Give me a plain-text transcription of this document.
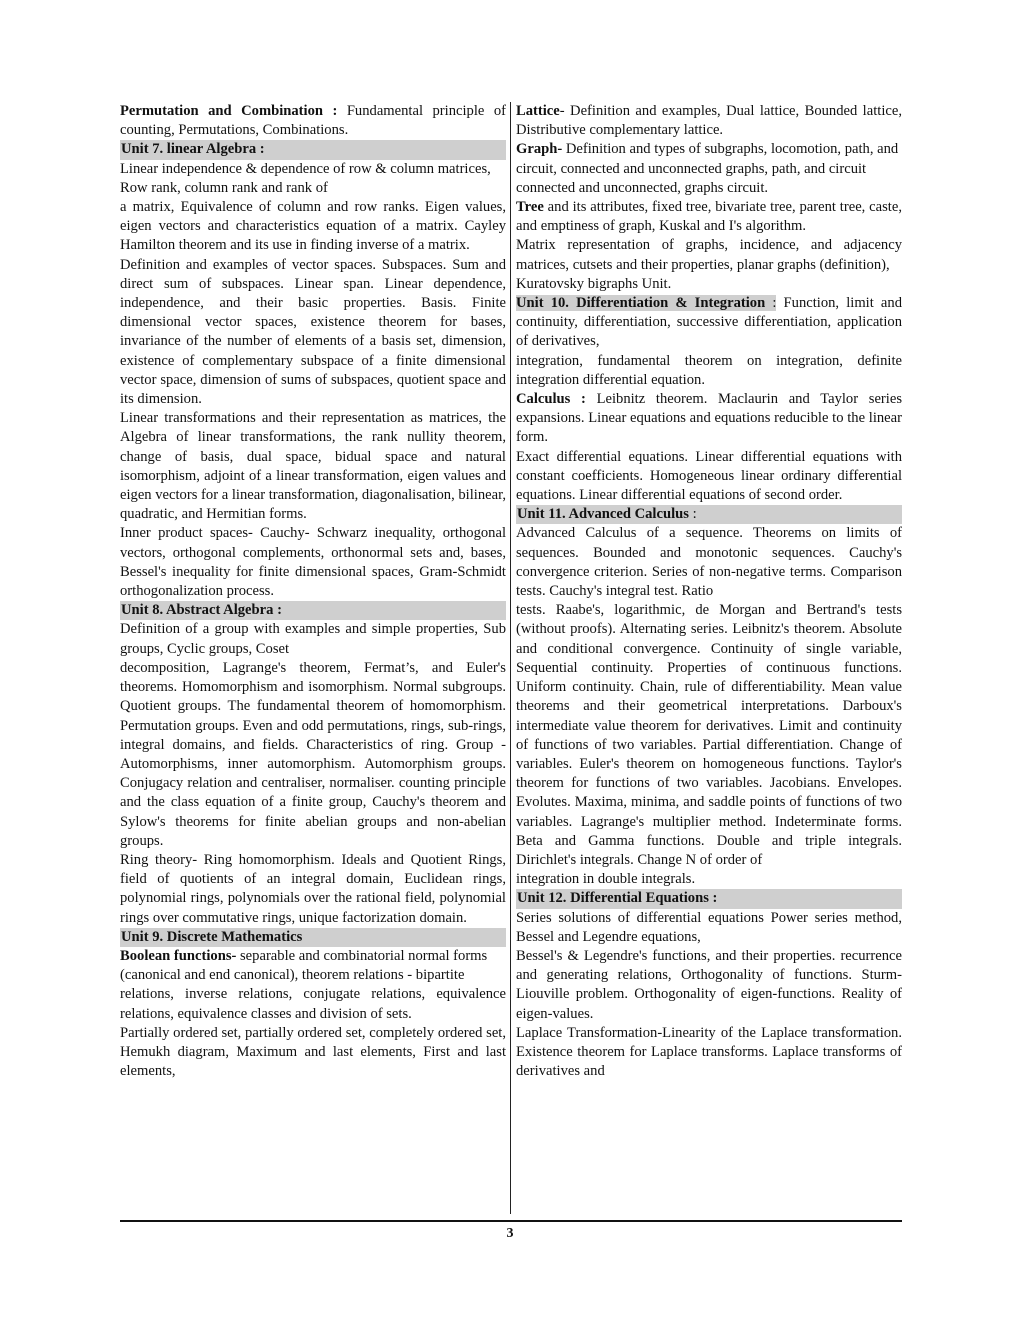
Permutation and Combination : Fundamental principle of counting, Permutations, Combinations.

Unit 7. linear Algebra :

Linear independence & dependence of row & column matrices, Row rank, column rank and rank of

a matrix, Equivalence of column and row ranks. Eigen values, eigen vectors and characteristics equation of a matrix. Cayley Hamilton theorem and its use in finding inverse of a matrix.

Definition and examples of vector spaces. Subspaces. Sum and direct sum of subspaces. Linear span. Linear dependence, independence, and their basic properties. Basis. Finite dimensional vector spaces, existence theorem for bases, invariance of the number of elements of a basis set, dimension, existence of complementary subspace of a finite dimensional vector space, dimension of sums of subspaces, quotient space and its dimension.

Linear transformations and their representation as matrices, the Algebra of linear transformations, the rank nullity theorem, change of basis, dual space, bidual space and natural isomorphism, adjoint of a linear transformation, eigen values and eigen vectors for a linear transformation, diagonalisation, bilinear, quadratic, and Hermitian forms.

Inner product spaces- Cauchy- Schwarz inequality, orthogonal vectors, orthogonal complements, orthonormal sets and, bases, Bessel's inequality for finite dimensional spaces, Gram-Schmidt orthogonalization process.

Unit 8. Abstract Algebra :

Definition of a group with examples and simple properties, Sub groups, Cyclic groups, Coset

decomposition, Lagrange's theorem, Fermat’s, and Euler's theorems. Homomorphism and isomorphism. Normal subgroups. Quotient groups. The fundamental theorem of homomorphism. Permutation groups. Even and odd permutations, rings, sub-rings, integral domains, and fields. Characteristics of ring. Group - Automorphisms, inner automorphism. Automorphism groups. Conjugacy relation and centraliser, normaliser. counting principle and the class equation of a finite group, Cauchy's theorem and Sylow's theorems for finite abelian groups and non-abelian groups.

Ring theory- Ring homomorphism. Ideals and Quotient Rings, field of quotients of an integral domain, Euclidean rings, polynomial rings, polynomials over the rational field, polynomial rings over commutative rings, unique factorization domain.

Unit 9. Discrete Mathematics

Boolean functions- separable and combinatorial normal forms (canonical and end canonical), theorem relations - bipartite

relations, inverse relations, conjugate relations, equivalence relations, equivalence classes and division of sets.

Partially ordered set, partially ordered set, completely ordered set, Hemukh diagram, Maximum and last elements, First and last elements,

Lattice- Definition and examples, Dual lattice, Bounded lattice, Distributive complementary lattice.

Graph- Definition and types of subgraphs, locomotion, path, and circuit, connected and unconnected graphs, path, and circuit

connected and unconnected, graphs circuit.

Tree and its attributes, fixed tree, bivariate tree, parent tree, caste, and emptiness of graph, Kuskal and I's algorithm.

Matrix representation of graphs, incidence, and adjacency matrices, cutsets and their properties, planar graphs (definition),

Kuratovsky bigraphs Unit.

Unit 10. Differentiation & Integration : Function, limit and continuity, differentiation, successive differentiation, application of derivatives,

integration, fundamental theorem on integration, definite integration differential equation.

Calculus : Leibnitz theorem. Maclaurin and Taylor series expansions. Linear equations and equations reducible to the linear form.

Exact differential equations. Linear differential equations with constant coefficients. Homogeneous linear ordinary differential equations. Linear differential equations of second order.

Unit 11. Advanced Calculus :

Advanced Calculus of a sequence. Theorems on limits of sequences. Bounded and monotonic sequences. Cauchy's convergence criterion. Series of non-negative terms. Comparison tests. Cauchy's integral test. Ratio

tests. Raabe's, logarithmic, de Morgan and Bertrand's tests (without proofs). Alternating series. Leibnitz's theorem. Absolute and conditional convergence. Continuity of single variable, Sequential continuity. Properties of continuous functions. Uniform continuity. Chain, rule of differentiability. Mean value theorems and their geometrical interpretations. Darboux's intermediate value theorem for derivatives. Limit and continuity of functions of two variables. Partial differentiation. Change of variables. Euler's theorem on homogeneous functions. Taylor's theorem for functions of two variables. Jacobians. Envelopes. Evolutes. Maxima, minima, and saddle points of functions of two variables. Lagrange's multiplier method. Indeterminate forms. Beta and Gamma functions. Double and triple integrals. Dirichlet's integrals. Change N of order of

integration in double integrals.

Unit 12. Differential Equations :

Series solutions of differential equations Power series method, Bessel and Legendre equations,

Bessel's & Legendre's functions, and their properties. recurrence and generating relations, Orthogonality of functions. Sturm- Liouville problem. Orthogonality of eigen-functions. Reality of eigen-values.

Laplace Transformation-Linearity of the Laplace transformation. Existence theorem for Laplace transforms. Laplace transforms of derivatives and

3
